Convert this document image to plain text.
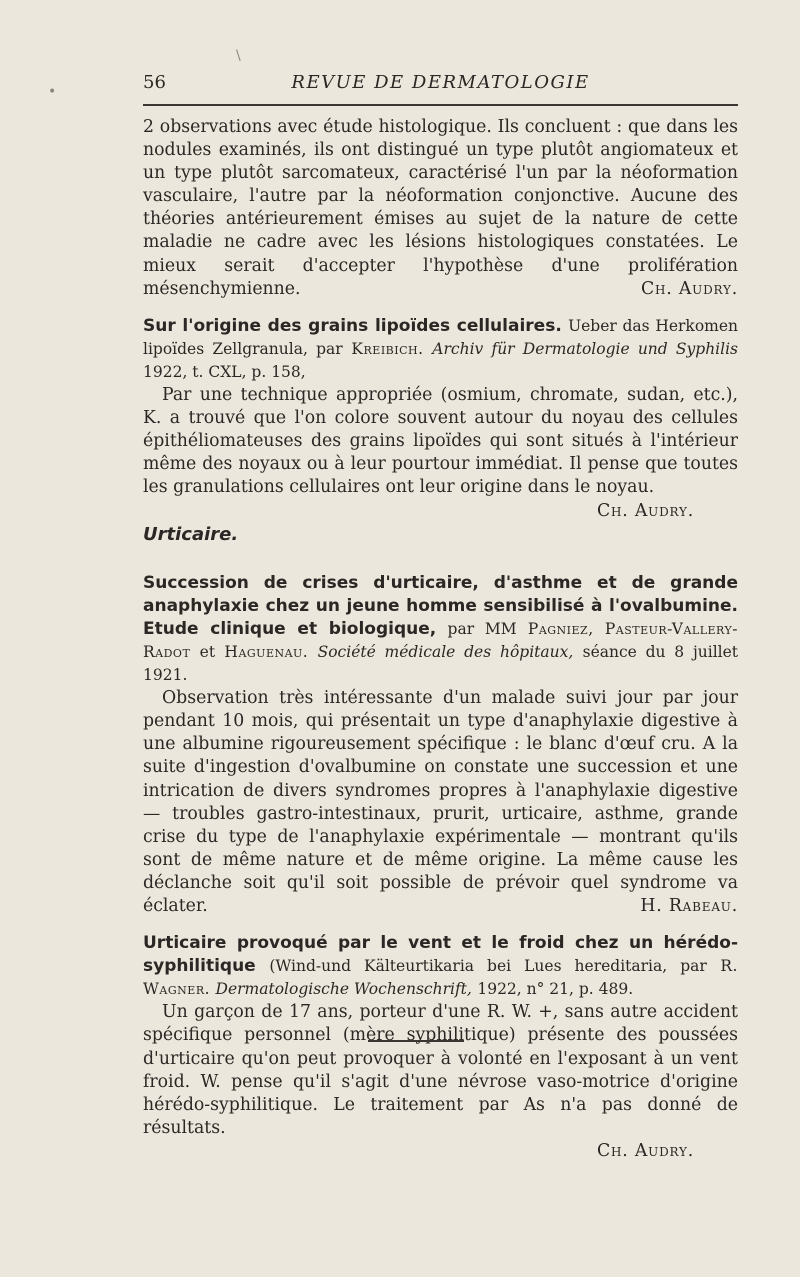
•
\
56	REVUE DE DERMATOLOGIE

2 observations avec étude histologique. Ils concluent : que dans les nodules examinés, ils ont distingué un type plutôt angiomateux et un type plutôt sarcomateux, caractérisé l'un par la néoformation vasculaire, l'autre par la néoformation conjonctive. Aucune des théories antérieurement émises au sujet de la nature de cette maladie ne cadre avec les lésions histologiques constatées. Le mieux serait d'accepter l'hypothèse d'une prolifération mésenchymienne.	Ch. Audry.

Sur l'origine des grains lipoïdes cellulaires. Ueber das Herkomen lipoïdes Zellgranula, par Kreibich. Archiv für Dermatologie und Syphilis 1922, t. CXL, p. 158,

Par une technique appropriée (osmium, chromate, sudan, etc.), K. a trouvé que l'on colore souvent autour du noyau des cellules épithéliomateuses des grains lipoïdes qui sont situés à l'intérieur même des noyaux ou à leur pourtour immédiat. Il pense que toutes les granulations cellulaires ont leur origine dans le noyau.

Ch. Audry.

Urticaire.

Succession de crises d'urticaire, d'asthme et de grande anaphylaxie chez un jeune homme sensibilisé à l'ovalbumine. Etude clinique et biologique, par MM Pagniez, Pasteur-Vallery-Radot et Haguenau. Société médicale des hôpitaux, séance du 8 juillet 1921.

Observation très intéressante d'un malade suivi jour par jour pendant 10 mois, qui présentait un type d'anaphylaxie digestive à une albumine rigoureusement spécifique : le blanc d'œuf cru. A la suite d'ingestion d'ovalbumine on constate une succession et une intrication de divers syndromes propres à l'anaphylaxie digestive — troubles gastro-intestinaux, prurit, urticaire, asthme, grande crise du type de l'anaphylaxie expérimentale — montrant qu'ils sont de même nature et de même origine. La même cause les déclanche soit qu'il soit possible de prévoir quel syndrome va éclater.	H. Rabeau.

Urticaire provoqué par le vent et le froid chez un hérédo-syphilitique (Wind-und Kälteurtikaria bei Lues hereditaria, par R. Wagner. Dermatologische Wochenschrift, 1922, n° 21, p. 489.

Un garçon de 17 ans, porteur d'une R. W. +, sans autre accident spécifique personnel (mère syphilitique) présente des poussées d'urticaire qu'on peut provoquer à volonté en l'exposant à un vent froid. W. pense qu'il s'agit d'une névrose vaso-motrice d'origine hérédo-syphilitique. Le traitement par As n'a pas donné de résultats.

Ch. Audry.
